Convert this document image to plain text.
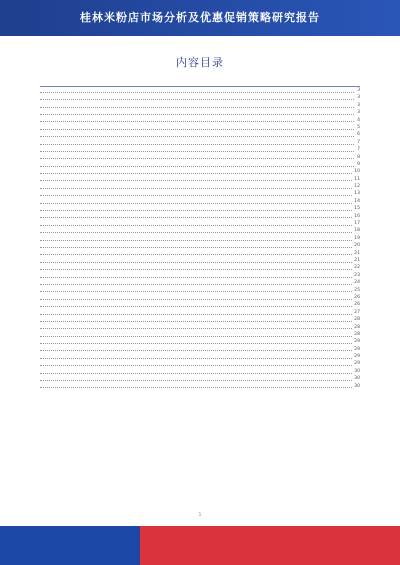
桂林米粉店市场分析及优惠促销策略研究报告
内容目录
3
3
3
3
4
5
6
7
7
8
9
10
11
12
13
14
15
16
17
18
19
20
21
21
22
23
24
25
26
26
27
28
28
28
29
29
29
29
30
30
30
1
